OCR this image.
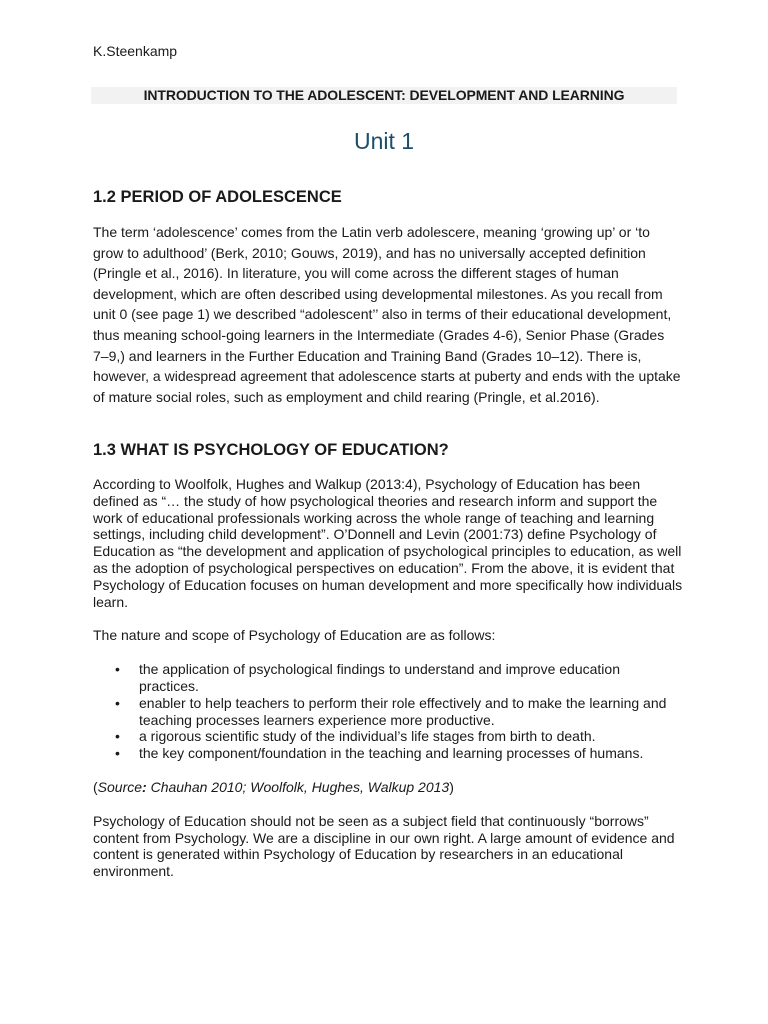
K.Steenkamp
INTRODUCTION TO THE ADOLESCENT: DEVELOPMENT AND LEARNING
Unit 1
1.2 PERIOD OF ADOLESCENCE

The term ‘adolescence’ comes from the Latin verb adolescere, meaning ‘growing up’ or ‘to grow to adulthood’ (Berk, 2010; Gouws, 2019), and has no universally accepted definition (Pringle et al., 2016). In literature, you will come across the different stages of human development, which are often described using developmental milestones. As you recall from unit 0 (see page 1) we described “adolescent’’ also in terms of their educational development, thus meaning school-going learners in the Intermediate (Grades 4-6), Senior Phase (Grades 7–9,) and learners in the Further Education and Training Band (Grades 10–12). There is, however, a widespread agreement that adolescence starts at puberty and ends with the uptake of mature social roles, such as employment and child rearing (Pringle, et al.2016).

1.3 WHAT IS PSYCHOLOGY OF EDUCATION?

According to Woolfolk, Hughes and Walkup (2013:4), Psychology of Education has been defined as “… the study of how psychological theories and research inform and support the work of educational professionals working across the whole range of teaching and learning settings, including child development”. O’Donnell and Levin (2001:73) define Psychology of Education as “the development and application of psychological principles to education, as well as the adoption of psychological perspectives on education”. From the above, it is evident that Psychology of Education focuses on human development and more specifically how individuals learn.

The nature and scope of Psychology of Education are as follows:

• the application of psychological findings to understand and improve education practices.
• enabler to help teachers to perform their role effectively and to make the learning and teaching processes learners experience more productive.
• a rigorous scientific study of the individual’s life stages from birth to death.
• the key component/foundation in the teaching and learning processes of humans.

(Source: Chauhan 2010; Woolfolk, Hughes, Walkup 2013)

Psychology of Education should not be seen as a subject field that continuously “borrows” content from Psychology. We are a discipline in our own right. A large amount of evidence and content is generated within Psychology of Education by researchers in an educational environment.
